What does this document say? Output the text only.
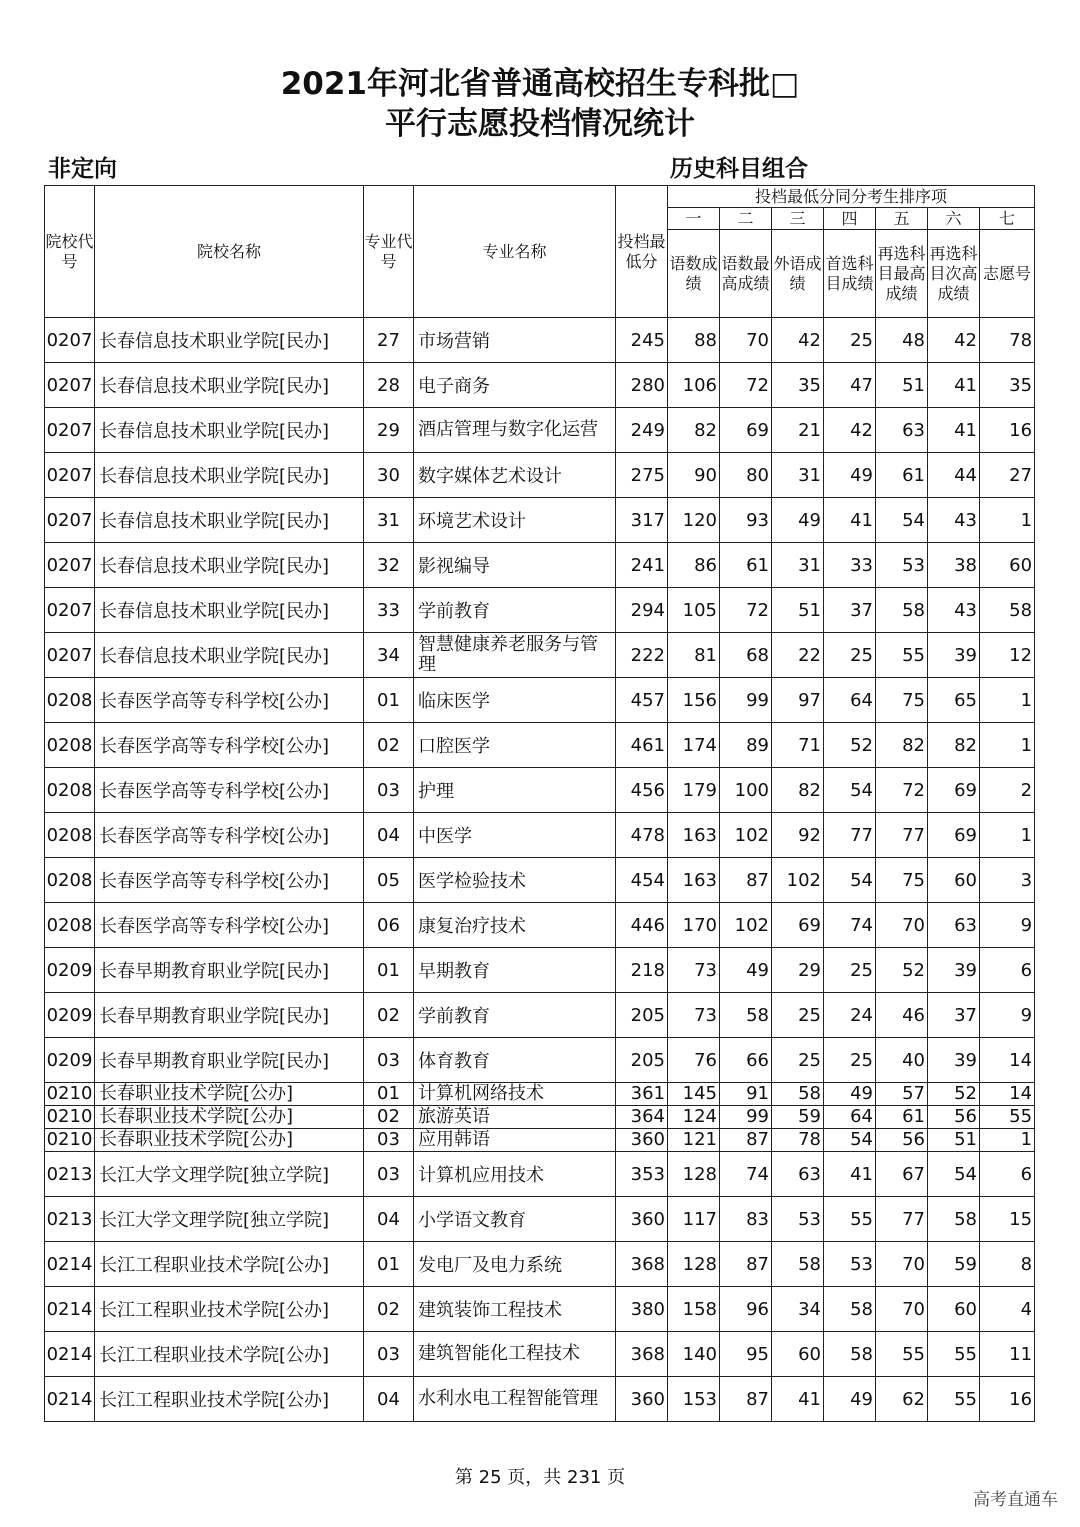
2021年河北省普通高校招生专科批□
平行志愿投档情况统计
非定向	历史科目组合
院校代号	院校名称	专业代号	专业名称	投档最低分	投档最低分同分考生排序项						
					一	二	三	四	五	六	七
					语数成绩	语数最高成绩	外语成绩	首选科目成绩	再选科目最高成绩	再选科目次高成绩	志愿号
0207	长春信息技术职业学院[民办]	27	市场营销	245	88	70	42	25	48	42	78
0207	长春信息技术职业学院[民办]	28	电子商务	280	106	72	35	47	51	41	35
0207	长春信息技术职业学院[民办]	29	酒店管理与数字化运营	249	82	69	21	42	63	41	16
0207	长春信息技术职业学院[民办]	30	数字媒体艺术设计	275	90	80	31	49	61	44	27
0207	长春信息技术职业学院[民办]	31	环境艺术设计	317	120	93	49	41	54	43	1
0207	长春信息技术职业学院[民办]	32	影视编导	241	86	61	31	33	53	38	60
0207	长春信息技术职业学院[民办]	33	学前教育	294	105	72	51	37	58	43	58
0207	长春信息技术职业学院[民办]	34	智慧健康养老服务与管理	222	81	68	22	25	55	39	12
0208	长春医学高等专科学校[公办]	01	临床医学	457	156	99	97	64	75	65	1
0208	长春医学高等专科学校[公办]	02	口腔医学	461	174	89	71	52	82	82	1
0208	长春医学高等专科学校[公办]	03	护理	456	179	100	82	54	72	69	2
0208	长春医学高等专科学校[公办]	04	中医学	478	163	102	92	77	77	69	1
0208	长春医学高等专科学校[公办]	05	医学检验技术	454	163	87	102	54	75	60	3
0208	长春医学高等专科学校[公办]	06	康复治疗技术	446	170	102	69	74	70	63	9
0209	长春早期教育职业学院[民办]	01	早期教育	218	73	49	29	25	52	39	6
0209	长春早期教育职业学院[民办]	02	学前教育	205	73	58	25	24	46	37	9
0209	长春早期教育职业学院[民办]	03	体育教育	205	76	66	25	25	40	39	14
0210	长春职业技术学院[公办]	01	计算机网络技术	361	145	91	58	49	57	52	14
0210	长春职业技术学院[公办]	02	旅游英语	364	124	99	59	64	61	56	55
0210	长春职业技术学院[公办]	03	应用韩语	360	121	87	78	54	56	51	1
0213	长江大学文理学院[独立学院]	03	计算机应用技术	353	128	74	63	41	67	54	6
0213	长江大学文理学院[独立学院]	04	小学语文教育	360	117	83	53	55	77	58	15
0214	长江工程职业技术学院[公办]	01	发电厂及电力系统	368	128	87	58	53	70	59	8
0214	长江工程职业技术学院[公办]	02	建筑装饰工程技术	380	158	96	34	58	70	60	4
0214	长江工程职业技术学院[公办]	03	建筑智能化工程技术	368	140	95	60	58	55	55	11
0214	长江工程职业技术学院[公办]	04	水利水电工程智能管理	360	153	87	41	49	62	55	16
第 25 页，共 231 页
高考直通车
